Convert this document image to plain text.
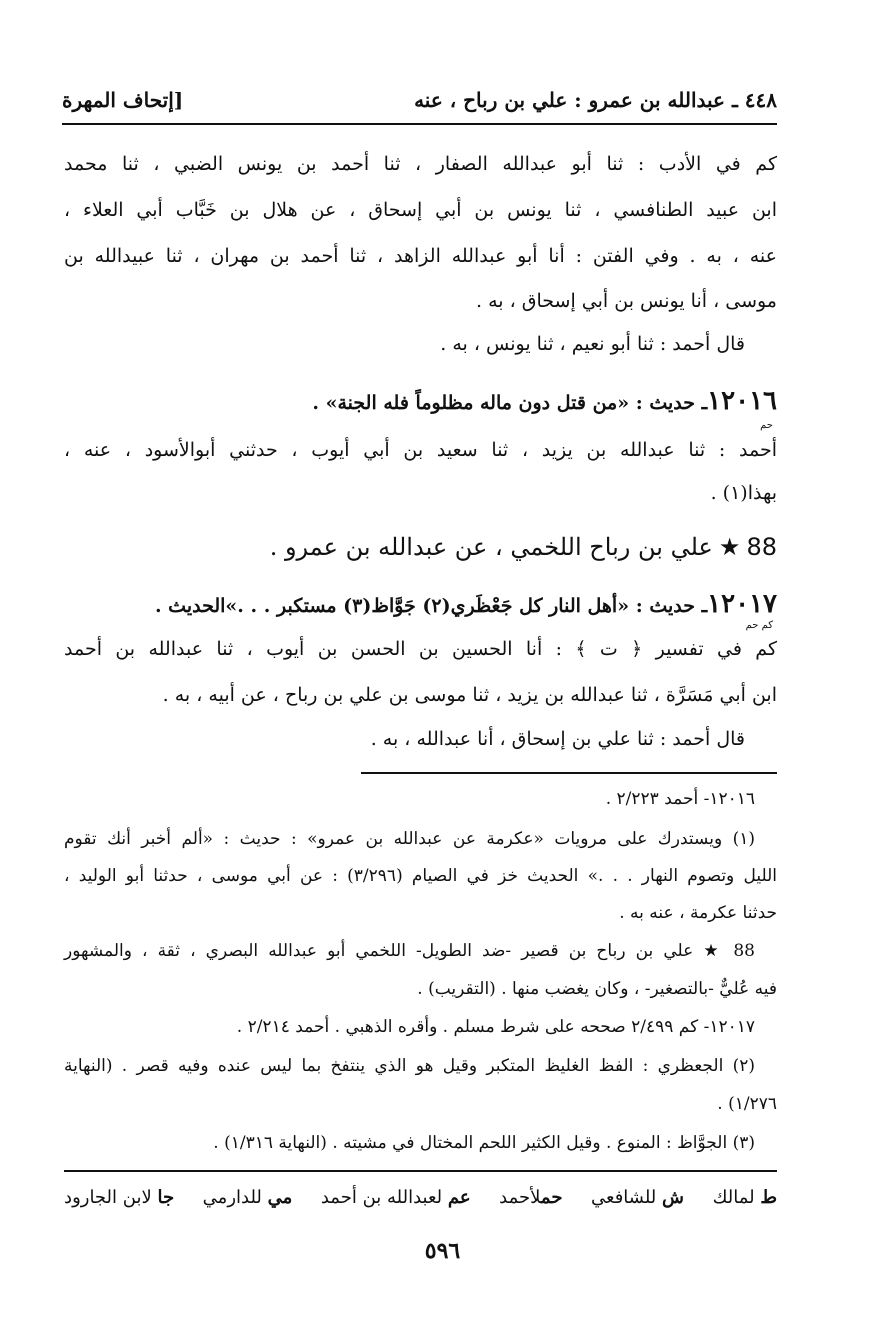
٤٤٨ ـ عبدالله بن عمرو : علي بن رباح ، عنه
[إتحاف المهرة
كم في الأدب : ثنا أبو عبدالله الصفار ، ثنا أحمد بن يونس الضبي ، ثنا محمد
ابن عبيد الطنافسي ، ثنا يونس بن أبي إسحاق ، عن هلال بن خَبَّاب أبي العلاء ،
عنه ، به . وفي الفتن : أنا أبو عبدالله الزاهد ، ثنا أحمد بن مهران ، ثنا عبيدالله بن
موسى ، أنا يونس بن أبي إسحاق ، به .
قال أحمد : ثنا أبو نعيم ، ثنا يونس ، به .
١٢٠١٦ـ حديث : «من قتل دون ماله مظلوماً فله الجنة» .
حم
أحمد : ثنا عبدالله بن يزيد ، ثنا سعيد بن أبي أيوب ، حدثني أبوالأسود ، عنه ،
بهذا(١) .
88 ★ علي بن رباح اللخمي ، عن عبدالله بن عمرو .
١٢٠١٧ـ حديث : «أهل النار كل جَعْظَري(٢) جَوَّاظ(٣) مستكبر . . .»الحديث .
كم حم
كم في تفسير ﴿ ت ﴾ : أنا الحسين بن الحسن بن أيوب ، ثنا عبدالله بن أحمد
ابن أبي مَسَرَّة ، ثنا عبدالله بن يزيد ، ثنا موسى بن علي بن رباح ، عن أبيه ، به .
قال أحمد : ثنا علي بن إسحاق ، أنا عبدالله ، به .
١٢٠١٦- أحمد ٢/٢٢٣ .
(١) ويستدرك على مرويات «عكرمة عن عبدالله بن عمرو» : حديث : «ألم أخبر أنك تقوم
الليل وتصوم النهار . . .» الحديث خز في الصيام (٣/٢٩٦) : عن أبي موسى ، حدثنا أبو الوليد ،
حدثنا عكرمة ، عنه به .
88 ★ علي بن رباح بن قصير -ضد الطويل- اللخمي أبو عبدالله البصري ، ثقة ، والمشهور
فيه عُليٌّ -بالتصغير- ، وكان يغضب منها . (التقريب) .
١٢٠١٧- كم ٢/٤٩٩ صححه على شرط مسلم . وأقره الذهبي . أحمد ٢/٢١٤ .
(٢) الجعظري : الفظ الغليظ المتكبر وقيل هو الذي ينتفخ بما ليس عنده وفيه قصر . (النهاية
١/٢٧٦) .
(٣) الجوَّاظ : المنوع . وقيل الكثير اللحم المختال في مشيته . (النهاية ١/٣١٦) .
ط لمالك
ش للشافعي
حملأحمد
عم لعبدالله بن أحمد
مي للدارمي
جا لابن الجارود
٥٩٦
